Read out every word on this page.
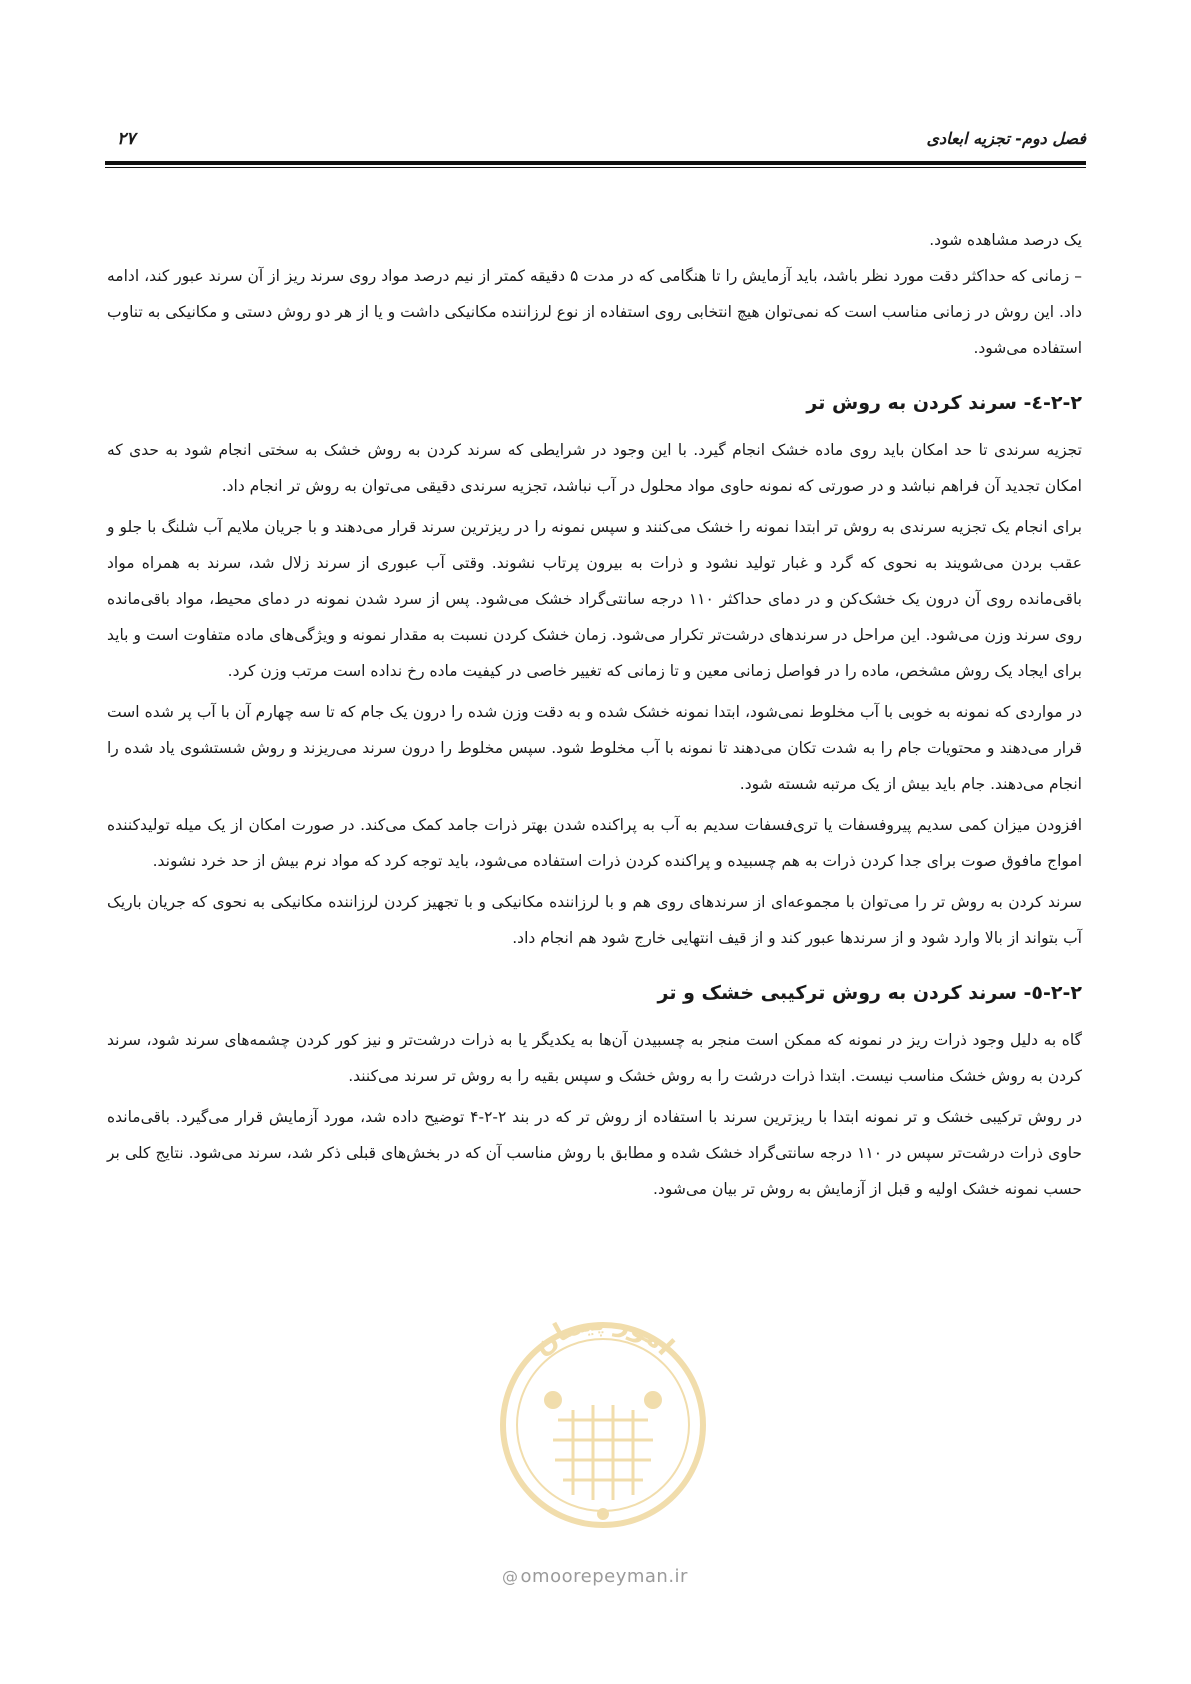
فصل دوم- تجزیه ابعادی
۲۷

یک درصد مشاهده شود.

– زمانی که حداکثر دقت مورد نظر باشد، باید آزمایش را تا هنگامی که در مدت ۵ دقیقه کمتر از نیم درصد مواد روی سرند ریز از آن سرند عبور کند، ادامه داد. این روش در زمانی مناسب است که نمی‌توان هیچ انتخابی روی استفاده از نوع لرزاننده مکانیکی داشت و یا از هر دو روش دستی و مکانیکی به تناوب استفاده می‌شود.

۲-۲-٤- سرند کردن به روش تر

تجزیه سرندی تا حد امکان باید روی ماده خشک انجام گیرد. با این وجود در شرایطی که سرند کردن به روش خشک به سختی انجام شود به حدی که امکان تجدید آن فراهم نباشد و در صورتی که نمونه حاوی مواد محلول در آب نباشد، تجزیه سرندی دقیقی می‌توان به روش تر انجام داد.

برای انجام یک تجزیه سرندی به روش تر ابتدا نمونه را خشک می‌کنند و سپس نمونه را در ریزترین سرند قرار می‌دهند و با جریان ملایم آب شلنگ با جلو و عقب بردن می‌شویند به نحوی که گرد و غبار تولید نشود و ذرات به بیرون پرتاب نشوند. وقتی آب عبوری از سرند زلال شد، سرند به همراه مواد باقی‌مانده روی آن درون یک خشک‌کن و در دمای حداکثر ۱۱۰ درجه سانتی‌گراد خشک می‌شود. پس از سرد شدن نمونه در دمای محیط، مواد باقی‌مانده روی سرند وزن می‌شود. این مراحل در سرندهای درشت‌تر تکرار می‌شود. زمان خشک کردن نسبت به مقدار نمونه و ویژگی‌های ماده متفاوت است و باید برای ایجاد یک روش مشخص، ماده را در فواصل زمانی معین و تا زمانی که تغییر خاصی در کیفیت ماده رخ نداده است مرتب وزن کرد.

در مواردی که نمونه به خوبی با آب مخلوط نمی‌شود، ابتدا نمونه خشک شده و به دقت وزن شده را درون یک جام که تا سه چهارم آن با آب پر شده است قرار می‌دهند و محتویات جام را به شدت تکان می‌دهند تا نمونه با آب مخلوط شود. سپس مخلوط را درون سرند می‌ریزند و روش شستشوی یاد شده را انجام می‌دهند. جام باید بیش از یک مرتبه شسته شود.

افزودن میزان کمی سدیم پیروفسفات یا تری‌فسفات سدیم به آب به پراکنده شدن بهتر ذرات جامد کمک می‌کند. در صورت امکان از یک میله تولیدکننده امواج مافوق صوت برای جدا کردن ذرات به هم چسبیده و پراکنده کردن ذرات استفاده می‌شود، باید توجه کرد که مواد نرم بیش از حد خرد نشوند.

سرند کردن به روش تر را می‌توان با مجموعه‌ای از سرندهای روی هم و با لرزاننده مکانیکی و با تجهیز کردن لرزاننده مکانیکی به نحوی که جریان باریک آب بتواند از بالا وارد شود و از سرندها عبور کند و از قیف انتهایی خارج شود هم انجام داد.

۲-۲-٥- سرند کردن به روش ترکیبی خشک و تر

گاه به دلیل وجود ذرات ریز در نمونه که ممکن است منجر به چسبیدن آن‌ها به یکدیگر یا به ذرات درشت‌تر و نیز کور کردن چشمه‌های سرند شود، سرند کردن به روش خشک مناسب نیست. ابتدا ذرات درشت را به روش خشک و سپس بقیه را به روش تر سرند می‌کنند.

در روش ترکیبی خشک و تر نمونه ابتدا با ریزترین سرند با استفاده از روش تر که در بند ۲-۲-۴ توضیح داده شد، مورد آزمایش قرار می‌گیرد. باقی‌مانده حاوی ذرات درشت‌تر سپس در ۱۱۰ درجه سانتی‌گراد خشک شده و مطابق با روش مناسب آن که در بخش‌های قبلی ذکر شد، سرند می‌شود. نتایج کلی بر حسب نمونه خشک اولیه و قبل از آزمایش به روش تر بیان می‌شود.

امور پیمان
@ omoorepeyman.ir
